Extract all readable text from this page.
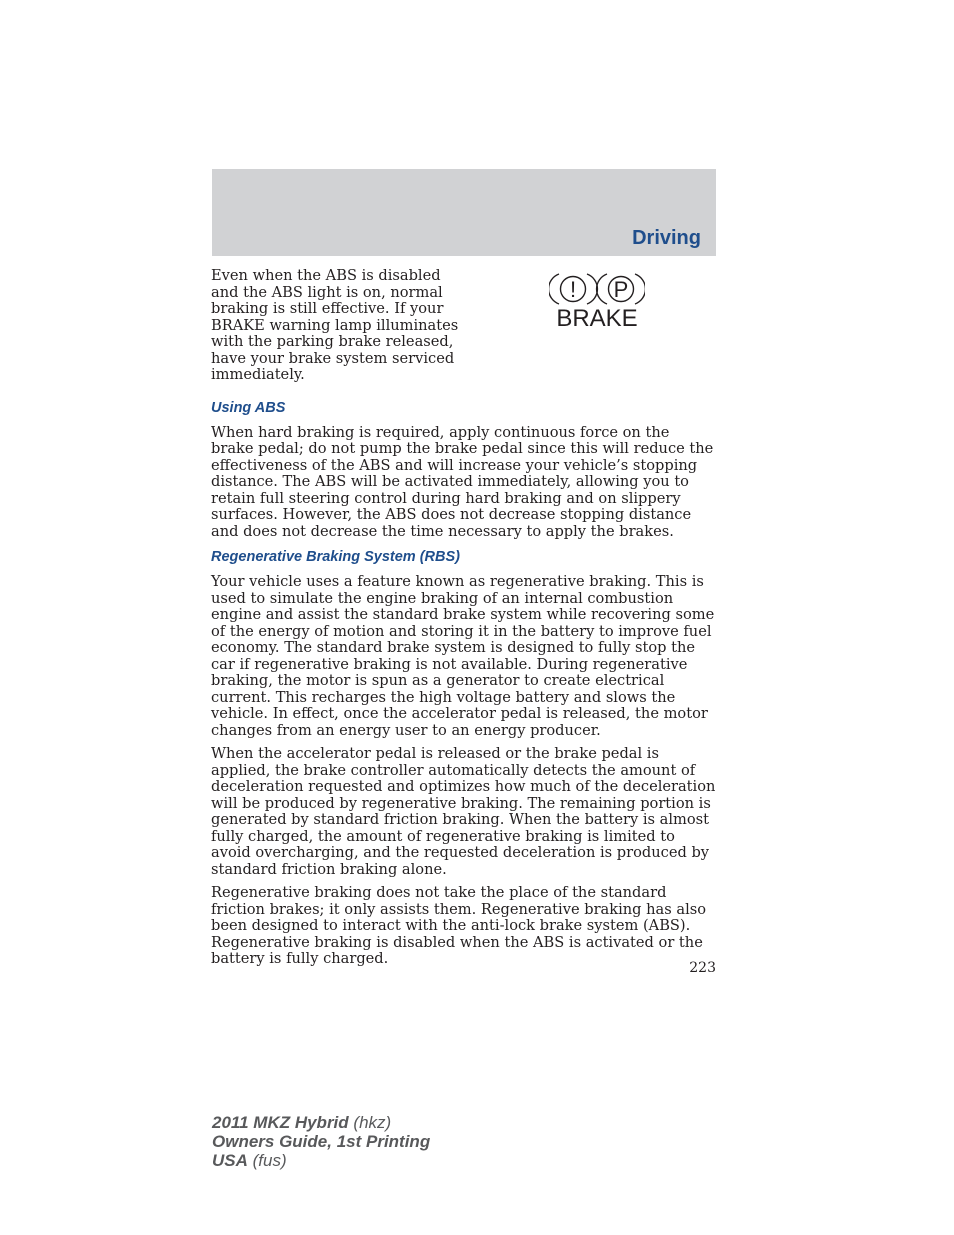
Driving

Even when the ABS is disabled and the ABS light is on, normal braking is still effective. If your BRAKE warning lamp illuminates with the parking brake released, have your brake system serviced immediately.

! P
BRAKE
Using ABS

When hard braking is required, apply continuous force on the brake pedal; do not pump the brake pedal since this will reduce the effectiveness of the ABS and will increase your vehicle’s stopping distance. The ABS will be activated immediately, allowing you to retain full steering control during hard braking and on slippery surfaces. However, the ABS does not decrease stopping distance and does not decrease the time necessary to apply the brakes.

Regenerative Braking System (RBS)

Your vehicle uses a feature known as regenerative braking. This is used to simulate the engine braking of an internal combustion engine and assist the standard brake system while recovering some of the energy of motion and storing it in the battery to improve fuel economy. The standard brake system is designed to fully stop the car if regenerative braking is not available. During regenerative braking, the motor is spun as a generator to create electrical current. This recharges the high voltage battery and slows the vehicle. In effect, once the accelerator pedal is released, the motor changes from an energy user to an energy producer.

When the accelerator pedal is released or the brake pedal is applied, the brake controller automatically detects the amount of deceleration requested and optimizes how much of the deceleration will be produced by regenerative braking. The remaining portion is generated by standard friction braking. When the battery is almost fully charged, the amount of regenerative braking is limited to avoid overcharging, and the requested deceleration is produced by standard friction braking alone.

Regenerative braking does not take the place of the standard friction brakes; it only assists them. Regenerative braking has also been designed to interact with the anti-lock brake system (ABS). Regenerative braking is disabled when the ABS is activated or the battery is fully charged.

223
2011 MKZ Hybrid (hkz)
Owners Guide, 1st Printing
USA (fus)
